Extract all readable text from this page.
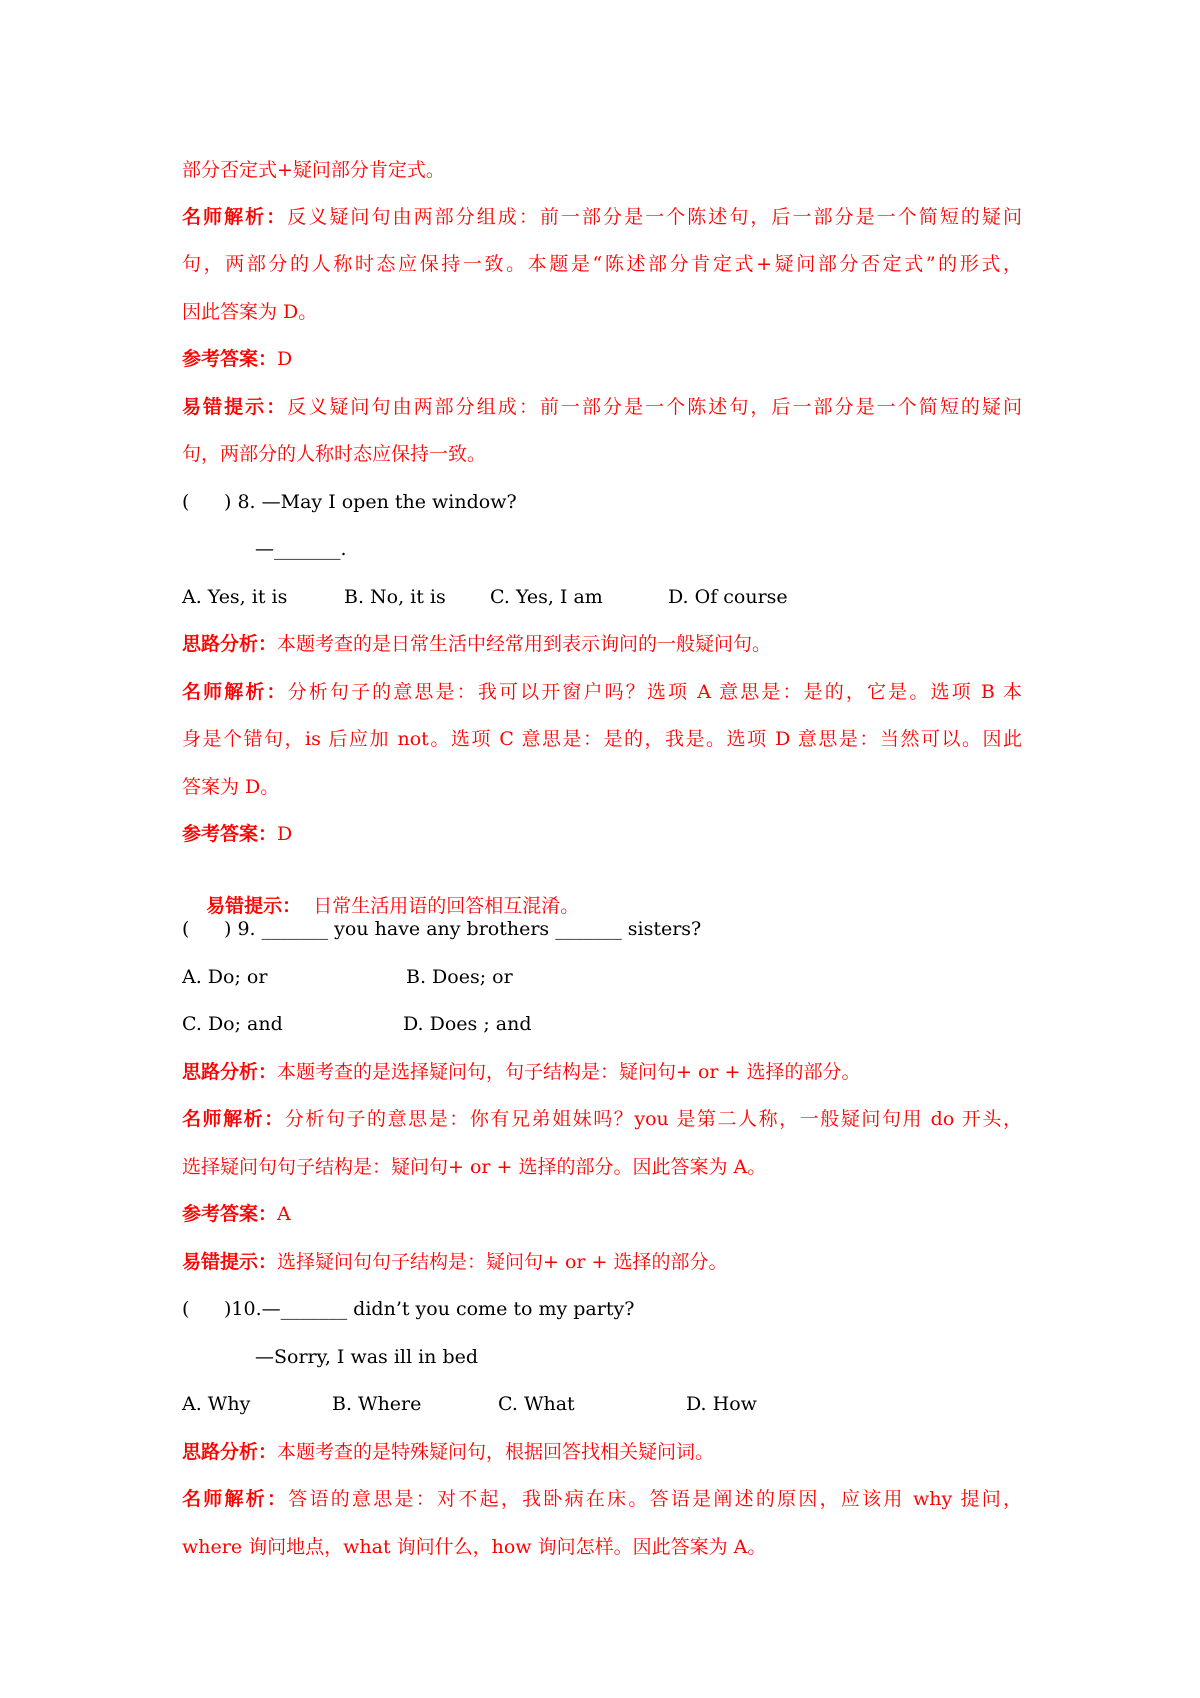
部分否定式+疑问部分肯定式。
名师解析：反义疑问句由两部分组成：前一部分是一个陈述句，后一部分是一个简短的疑问
句，两部分的人称时态应保持一致。本题是“陈述部分肯定式+疑问部分否定式”的形式，
因此答案为 D。
参考答案：D
易错提示：反义疑问句由两部分组成：前一部分是一个陈述句，后一部分是一个简短的疑问
句，两部分的人称时态应保持一致。
( ) 8. —May I open the window?
—_______.
A. Yes, it is	B. No, it is C. Yes, I am	D. Of course
思路分析：本题考查的是日常生活中经常用到表示询问的一般疑问句。
名师解析：分析句子的意思是：我可以开窗户吗？选项 A 意思是：是的，它是。选项 B 本
身是个错句，is 后应加 not。选项 C 意思是：是的，我是。选项 D 意思是：当然可以。因此
答案为 D。
参考答案：D

易错提示：  日常生活用语的回答相互混淆。

( ) 9. _______ you have any brothers _______ sisters?
A. Do; or	B. Does; or
C. Do; and	D. Does ; and
思路分析：本题考查的是选择疑问句，句子结构是：疑问句+ or + 选择的部分。
名师解析：分析句子的意思是：你有兄弟姐妹吗？you 是第二人称，一般疑问句用 do 开头，
选择疑问句句子结构是：疑问句+ or + 选择的部分。因此答案为 A。
参考答案：A
易错提示：选择疑问句句子结构是：疑问句+ or + 选择的部分。
( )10.—_______ didn’t you come to my party?
—Sorry, I was ill in bed
A. Why	B. Where	C. What	D. How
思路分析：本题考查的是特殊疑问句，根据回答找相关疑问词。
名师解析：答语的意思是：对不起，我卧病在床。答语是阐述的原因，应该用 why 提问，
where 询问地点，what 询问什么，how 询问怎样。因此答案为 A。
